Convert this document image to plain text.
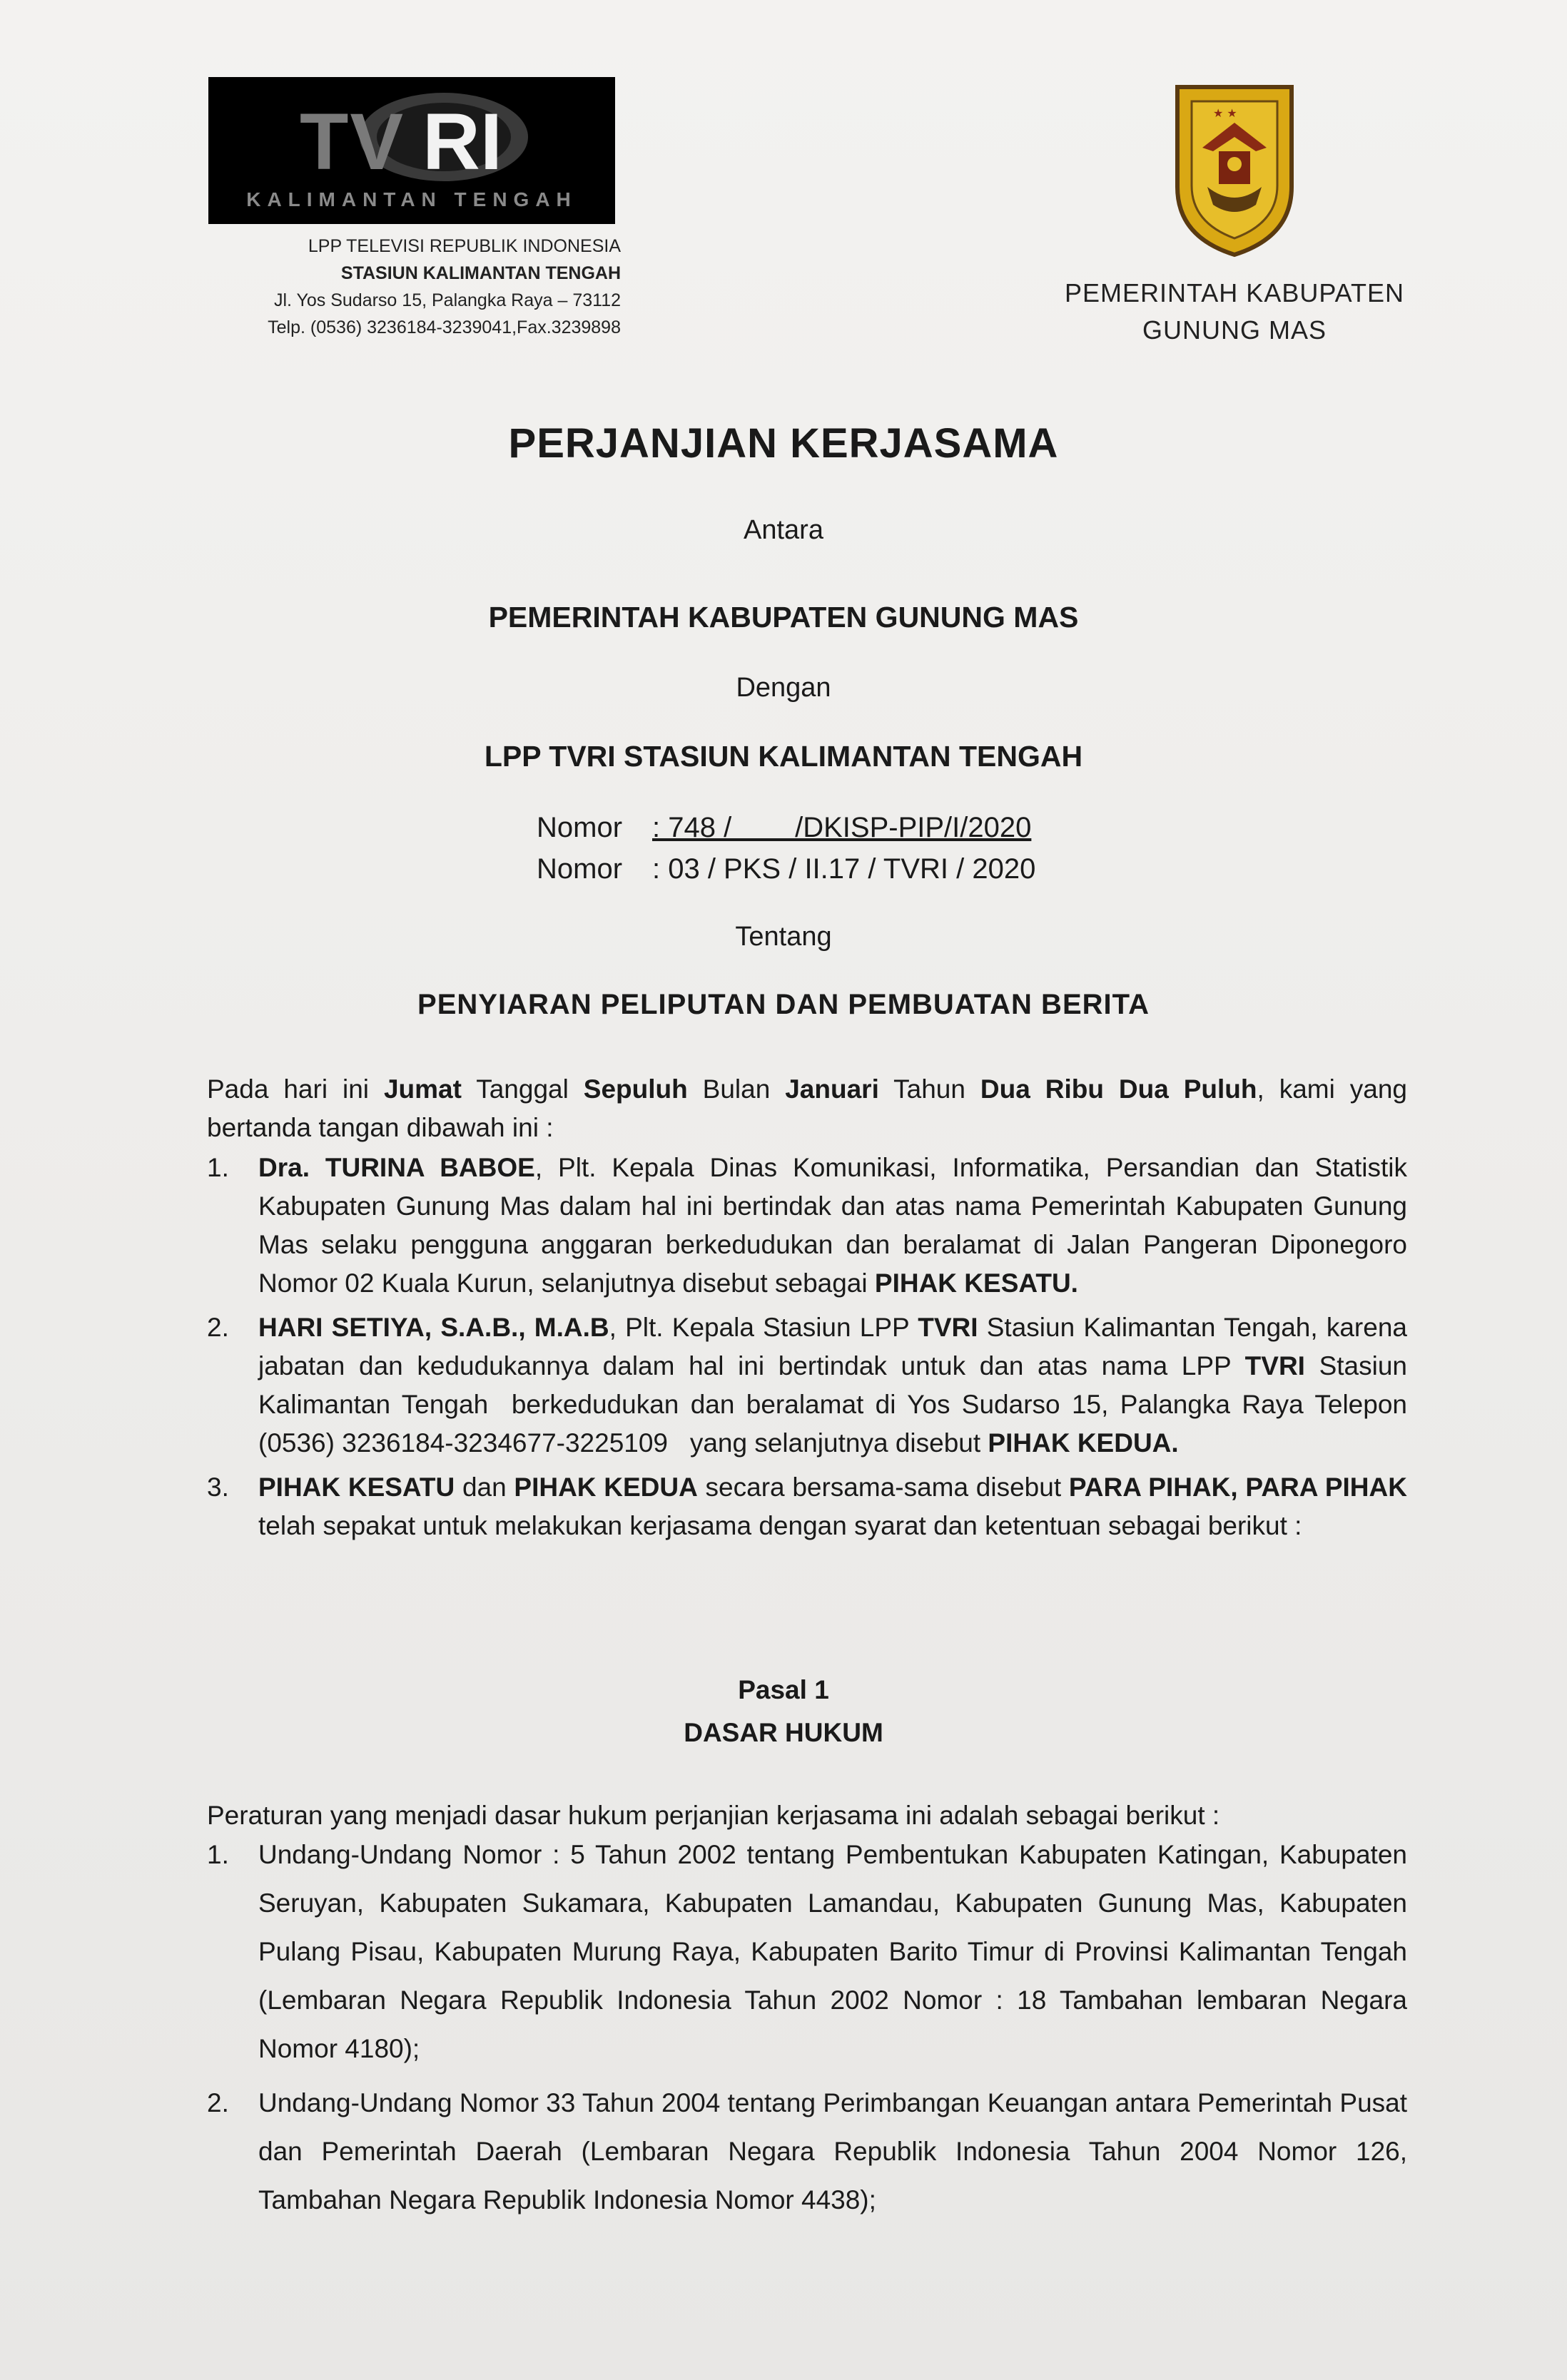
TV RI
KALIMANTAN TENGAH
LPP TELEVISI REPUBLIK INDONESIA
STASIUN KALIMANTAN TENGAH
Jl. Yos Sudarso 15, Palangka Raya – 73112
Telp. (0536) 3236184-3239041,Fax.3239898
★ ★
PEMERINTAH KABUPATEN
GUNUNG MAS
PERJANJIAN KERJASAMA
Antara
PEMERINTAH KABUPATEN GUNUNG MAS
Dengan
LPP TVRI STASIUN KALIMANTAN TENGAH
Nomor : 748 /        /DKISP-PIP/I/2020
Nomor : 03 / PKS / II.17 / TVRI / 2020
Tentang
PENYIARAN PELIPUTAN DAN PEMBUATAN BERITA
Pada hari ini Jumat Tanggal Sepuluh Bulan Januari Tahun Dua Ribu Dua Puluh, kami yang bertanda tangan dibawah ini :
1. Dra. TURINA BABOE, Plt. Kepala Dinas Komunikasi, Informatika, Persandian dan Statistik Kabupaten Gunung Mas dalam hal ini bertindak dan atas nama Pemerintah Kabupaten Gunung Mas selaku pengguna anggaran berkedudukan dan beralamat di Jalan Pangeran Diponegoro Nomor 02 Kuala Kurun, selanjutnya disebut sebagai PIHAK KESATU.
2. HARI SETIYA, S.A.B., M.A.B, Plt. Kepala Stasiun LPP TVRI Stasiun Kalimantan Tengah, karena jabatan dan kedudukannya dalam hal ini bertindak untuk dan atas nama LPP TVRI Stasiun Kalimantan Tengah  berkedudukan dan beralamat di Yos Sudarso 15, Palangka Raya Telepon (0536) 3236184-3234677-3225109   yang selanjutnya disebut PIHAK KEDUA.
3. PIHAK KESATU dan PIHAK KEDUA secara bersama-sama disebut PARA PIHAK, PARA PIHAK telah sepakat untuk melakukan kerjasama dengan syarat dan ketentuan sebagai berikut :
Pasal 1
DASAR HUKUM
Peraturan yang menjadi dasar hukum perjanjian kerjasama ini adalah sebagai berikut :
1. Undang-Undang Nomor : 5 Tahun 2002 tentang Pembentukan Kabupaten Katingan, Kabupaten Seruyan, Kabupaten Sukamara, Kabupaten Lamandau, Kabupaten Gunung Mas, Kabupaten Pulang Pisau, Kabupaten Murung Raya, Kabupaten Barito Timur di Provinsi Kalimantan Tengah (Lembaran Negara Republik Indonesia Tahun 2002 Nomor : 18 Tambahan lembaran Negara Nomor 4180);
2. Undang-Undang Nomor 33 Tahun 2004 tentang Perimbangan Keuangan antara Pemerintah Pusat dan Pemerintah Daerah (Lembaran Negara Republik Indonesia Tahun 2004 Nomor 126, Tambahan Negara Republik Indonesia Nomor 4438);
